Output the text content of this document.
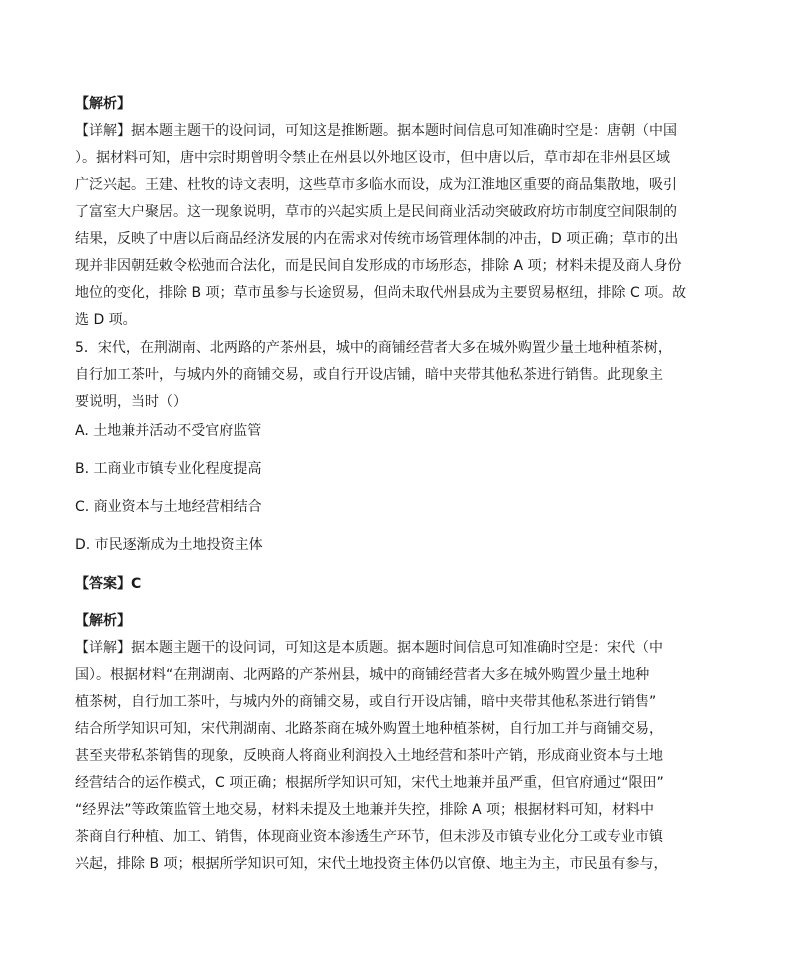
【解析】
【详解】据本题主题干的设问词，可知这是推断题。据本题时间信息可知准确时空是：唐朝（中国
）。据材料可知，唐中宗时期曾明令禁止在州县以外地区设市，但中唐以后，草市却在非州县区域
广泛兴起。王建、杜牧的诗文表明，这些草市多临水而设，成为江淮地区重要的商品集散地，吸引
了富室大户聚居。这一现象说明，草市的兴起实质上是民间商业活动突破政府坊市制度空间限制的
结果，反映了中唐以后商品经济发展的内在需求对传统市场管理体制的冲击，D 项正确；草市的出
现并非因朝廷敕令松弛而合法化，而是民间自发形成的市场形态，排除 A 项；材料未提及商人身份
地位的变化，排除 B 项；草市虽参与长途贸易，但尚未取代州县成为主要贸易枢纽，排除 C 项。故
选 D 项。
5．宋代，在荆湖南、北两路的产茶州县，城中的商铺经营者大多在城外购置少量土地种植茶树，
自行加工茶叶，与城内外的商铺交易，或自行开设店铺，暗中夹带其他私茶进行销售。此现象主
要说明，当时（）
A. 土地兼并活动不受官府监管
B. 工商业市镇专业化程度提高
C. 商业资本与土地经营相结合
D. 市民逐渐成为土地投资主体
【答案】C
【解析】
【详解】据本题主题干的设问词，可知这是本质题。据本题时间信息可知准确时空是：宋代（中
国）。根据材料“在荆湖南、北两路的产茶州县，城中的商铺经营者大多在城外购置少量土地种
植茶树，自行加工茶叶，与城内外的商铺交易，或自行开设店铺，暗中夹带其他私茶进行销售”
结合所学知识可知，宋代荆湖南、北路茶商在城外购置土地种植茶树，自行加工并与商铺交易，
甚至夹带私茶销售的现象，反映商人将商业利润投入土地经营和茶叶产销，形成商业资本与土地
经营结合的运作模式，C 项正确；根据所学知识可知，宋代土地兼并虽严重，但官府通过“限田”
“经界法”等政策监管土地交易，材料未提及土地兼并失控，排除 A 项；根据材料可知，材料中
茶商自行种植、加工、销售，体现商业资本渗透生产环节，但未涉及市镇专业化分工或专业市镇
兴起，排除 B 项；根据所学知识可知，宋代土地投资主体仍以官僚、地主为主，市民虽有参与，
